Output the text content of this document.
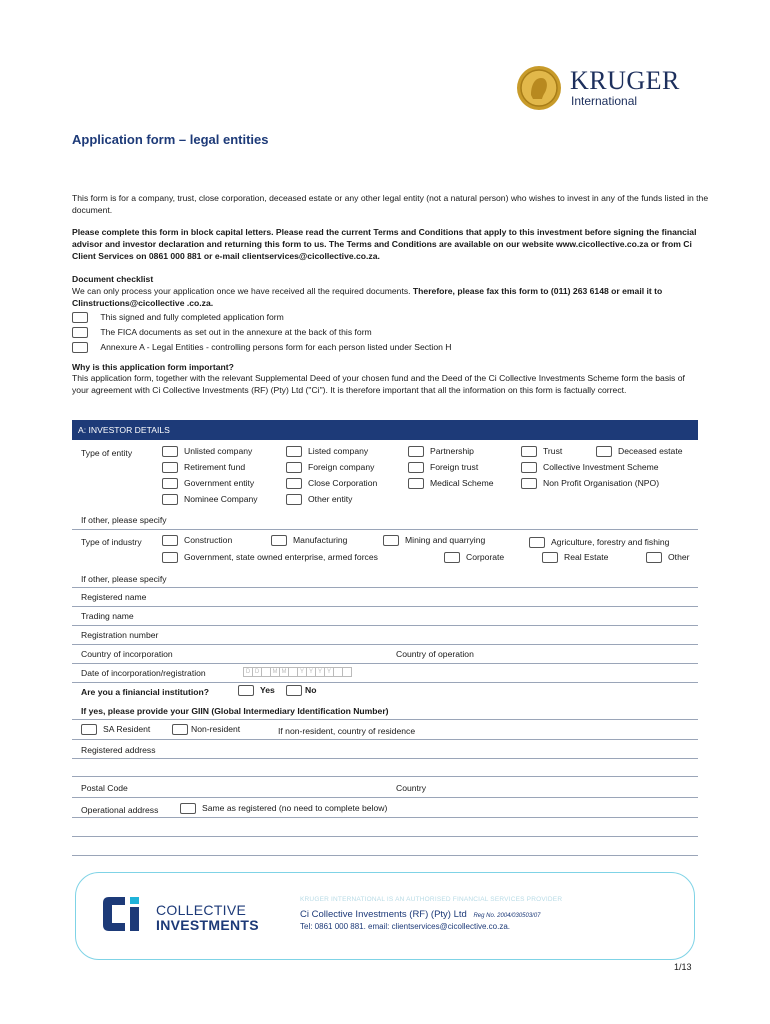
KRUGER
International
Application form – legal entities
This form is for a company, trust, close corporation, deceased estate or any other legal entity (not a natural person) who wishes to invest in any of the funds listed in the document.
Please complete this form in block capital letters. Please read the current Terms and Conditions that apply to this investment before signing the financial advisor and investor declaration and returning this form to us. The Terms and Conditions are available on our website www.cicollective.co.za or from Ci Client Services on 0861 000 881 or e-mail clientservices@cicollective.co.za.
Document checklist
We can only process your application once we have received all the required documents. Therefore, please fax this form to (011) 263 6148 or email it to CIinstructions@cicollective .co.za.
This signed and fully completed application form
The FICA documents as set out in the annexure at the back of this form
Annexure A - Legal Entities - controlling persons form for each person listed under Section H
Why is this application form important?
This application form, together with the relevant Supplemental Deed of your chosen fund and the Deed of the Ci Collective Investments Scheme form the basis of your agreement with Ci Collective Investments (RF) (Pty) Ltd ("Ci"). It is therefore important that all the information on this form is factually correct.
A: INVESTOR DETAILS
Type of entity	Unlisted company	Listed company	Partnership	Trust	Deceased estate
Retirement fund	Foreign company	Foreign trust	Collective Investment Scheme
Government entity	Close Corporation	Medical Scheme	Non Profit Organisation (NPO)
Nominee Company	Other entity
If other, please specify
Type of industry	Construction	Manufacturing	Mining and quarrying	Agriculture, forestry and fishing
Government, state owned enterprise, armed forces	Corporate	Real Estate	Other
If other, please specify
Registered name
Trading name
Registration number
Country of incorporation	Country of operation
Date of incorporation/registration	D D M M Y Y Y Y
Are you a finiancial institution?	Yes	No
If yes, please provide your GIIN (Global Intermediary Identification Number)
SA Resident	Non-resident	If non-resident, country of residence
Registered address
Postal Code	Country
Operational address	Same as registered (no need to complete below)
COLLECTIVE
INVESTMENTS
KRUGER INTERNATIONAL IS AN AUTHORISED FINANCIAL SERVICES PROVIDER
Ci Collective Investments (RF) (Pty) Ltd Reg No. 2004/030503/07
Tel: 0861 000 881. email: clientservices@cicollective.co.za.
1/13
